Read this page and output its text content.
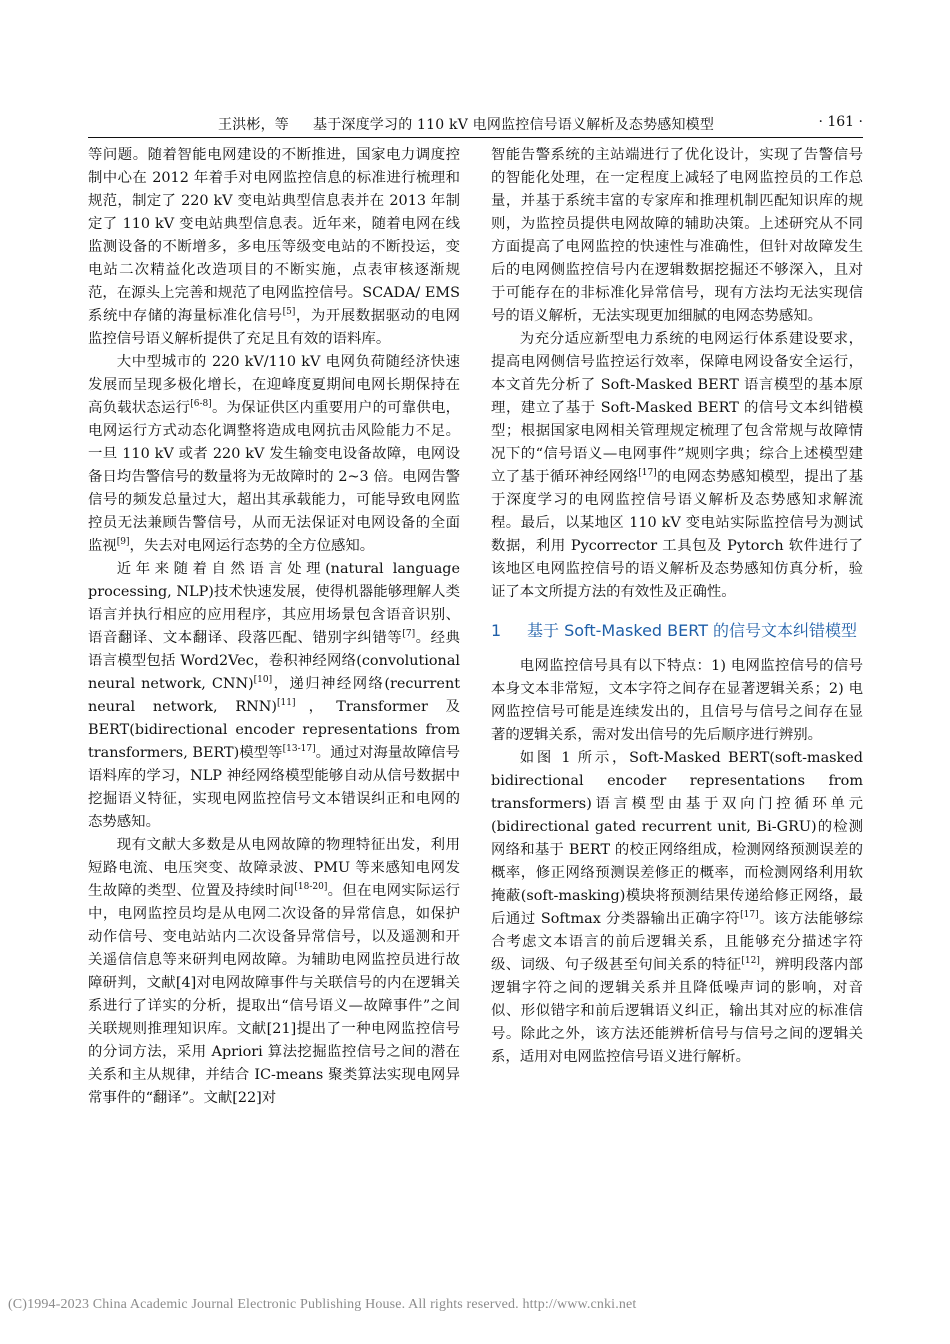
王洪彬，等 基于深度学习的 110 kV 电网监控信号语义解析及态势感知模型	· 161 ·

等问题。随着智能电网建设的不断推进，国家电力调度控制中心在 2012 年着手对电网监控信息的标准进行梳理和规范，制定了 220 kV 变电站典型信息表并在 2013 年制定了 110 kV 变电站典型信息表。近年来，随着电网在线监测设备的不断增多，多电压等级变电站的不断投运，变电站二次精益化改造项目的不断实施，点表审核逐渐规范，在源头上完善和规范了电网监控信号。SCADA/ EMS 系统中存储的海量标准化信号[5]，为开展数据驱动的电网监控信号语义解析提供了充足且有效的语料库。

大中型城市的 220 kV/110 kV 电网负荷随经济快速发展而呈现多极化增长，在迎峰度夏期间电网长期保持在高负载状态运行[6-8]。为保证供区内重要用户的可靠供电，电网运行方式动态化调整将造成电网抗击风险能力不足。一旦 110 kV 或者 220 kV 发生输变电设备故障，电网设备日均告警信号的数量将为无故障时的 2~3 倍。电网告警信号的频发总量过大，超出其承载能力，可能导致电网监控员无法兼顾告警信号，从而无法保证对电网设备的全面监视[9]，失去对电网运行态势的全方位感知。

近年来随着自然语言处理(natural language processing, NLP)技术快速发展，使得机器能够理解人类语言并执行相应的应用程序，其应用场景包含语音识别、语音翻译、文本翻译、段落匹配、错别字纠错等[7]。经典语言模型包括 Word2Vec，卷积神经网络(convolutional neural network, CNN)[10]，递归神经网络(recurrent neural network, RNN)[11]，Transformer 及 BERT(bidirectional encoder representations from transformers, BERT)模型等[13-17]。通过对海量故障信号语料库的学习，NLP 神经网络模型能够自动从信号数据中挖掘语义特征，实现电网监控信号文本错误纠正和电网的态势感知。

现有文献大多数是从电网故障的物理特征出发，利用短路电流、电压突变、故障录波、PMU 等来感知电网发生故障的类型、位置及持续时间[18-20]。但在电网实际运行中，电网监控员均是从电网二次设备的异常信息，如保护动作信号、变电站站内二次设备异常信号，以及遥测和开关遥信信息等来研判电网故障。为辅助电网监控员进行故障研判，文献[4]对电网故障事件与关联信号的内在逻辑关系进行了详实的分析，提取出“信号语义—故障事件”之间关联规则推理知识库。文献[21]提出了一种电网监控信号的分词方法，采用 Apriori 算法挖掘监控信号之间的潜在关系和主从规律，并结合 IC-means 聚类算法实现电网异常事件的“翻译”。文献[22]对

智能告警系统的主站端进行了优化设计，实现了告警信号的智能化处理，在一定程度上减轻了电网监控员的工作总量，并基于系统丰富的专家库和推理机制匹配知识库的规则，为监控员提供电网故障的辅助决策。上述研究从不同方面提高了电网监控的快速性与准确性，但针对故障发生后的电网侧监控信号内在逻辑数据挖掘还不够深入，且对于可能存在的非标准化异常信号，现有方法均无法实现信号的语义解析，无法实现更加细腻的电网态势感知。

为充分适应新型电力系统的电网运行体系建设要求，提高电网侧信号监控运行效率，保障电网设备安全运行，本文首先分析了 Soft-Masked BERT 语言模型的基本原理，建立了基于 Soft-Masked BERT 的信号文本纠错模型；根据国家电网相关管理规定梳理了包含常规与故障情况下的“信号语义—电网事件”规则字典；综合上述模型建立了基于循环神经网络[17]的电网态势感知模型，提出了基于深度学习的电网监控信号语义解析及态势感知求解流程。最后，以某地区 110 kV 变电站实际监控信号为测试数据，利用 Pycorrector 工具包及 Pytorch 软件进行了该地区电网监控信号的语义解析及态势感知仿真分析，验证了本文所提方法的有效性及正确性。

1	基于 Soft-Masked BERT 的信号文本纠错模型

电网监控信号具有以下特点：1) 电网监控信号的信号本身文本非常短，文本字符之间存在显著逻辑关系；2) 电网监控信号可能是连续发出的，且信号与信号之间存在显著的逻辑关系，需对发出信号的先后顺序进行辨别。

如图 1 所示，Soft-Masked BERT(soft-masked bidirectional encoder representations from transformers)语言模型由基于双向门控循环单元(bidirectional gated recurrent unit, Bi-GRU)的检测网络和基于 BERT 的校正网络组成，检测网络预测误差的概率，修正网络预测误差修正的概率，而检测网络利用软掩蔽(soft-masking)模块将预测结果传递给修正网络，最后通过 Softmax 分类器输出正确字符[17]。该方法能够综合考虑文本语言的前后逻辑关系，且能够充分描述字符级、词级、句子级甚至句间关系的特征[12]，辨明段落内部逻辑字符之间的逻辑关系并且降低噪声词的影响，对音似、形似错字和前后逻辑语义纠正，输出其对应的标准信号。除此之外，该方法还能辨析信号与信号之间的逻辑关系，适用对电网监控信号语义进行解析。

(C)1994-2023 China Academic Journal Electronic Publishing House. All rights reserved. http://www.cnki.net
